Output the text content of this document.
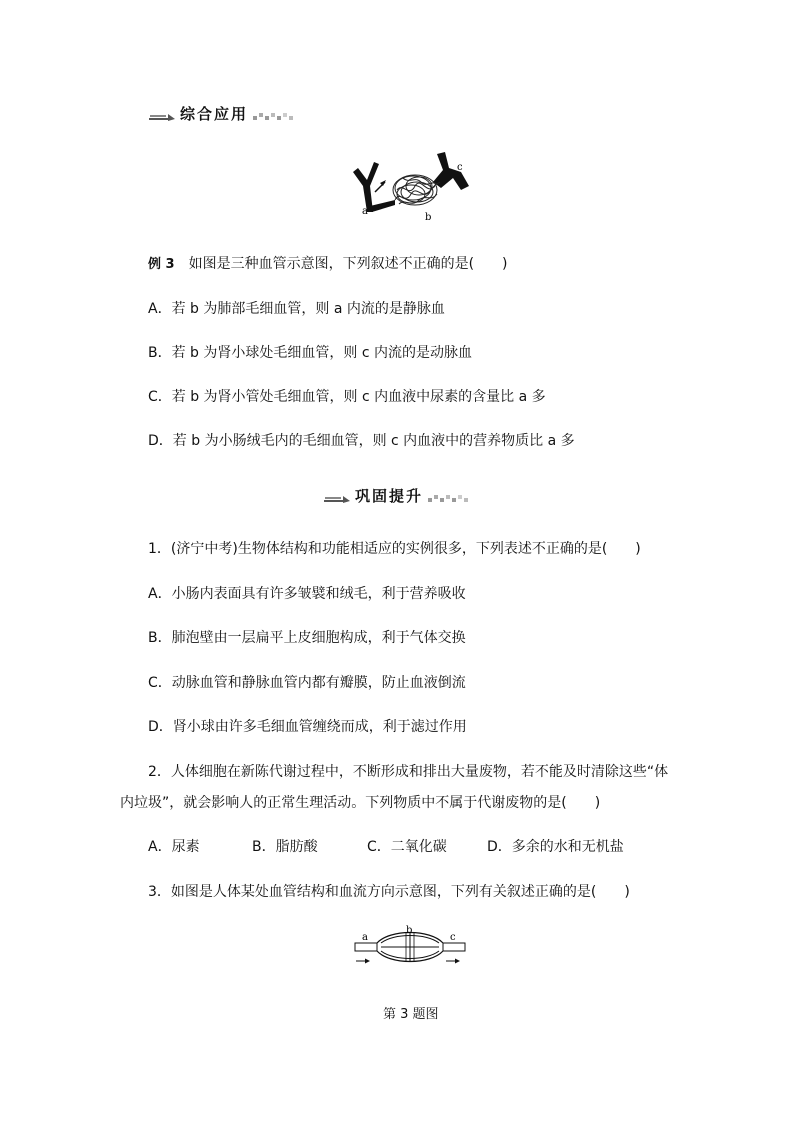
综合应用
a
b
c
例 3　 如图是三种血管示意图，下列叙述不正确的是(　　)
A．若 b 为肺部毛细血管，则 a 内流的是静脉血
B．若 b 为肾小球处毛细血管，则 c 内流的是动脉血
C．若 b 为肾小管处毛细血管，则 c 内血液中尿素的含量比 a 多
D．若 b 为小肠绒毛内的毛细血管，则 c 内血液中的营养物质比 a 多
巩固提升
1．(济宁中考)生物体结构和功能相适应的实例很多，下列表述不正确的是(　　)
A．小肠内表面具有许多皱襞和绒毛，利于营养吸收
B．肺泡壁由一层扁平上皮细胞构成，利于气体交换
C．动脉血管和静脉血管内都有瓣膜，防止血液倒流
D．肾小球由许多毛细血管缠绕而成，利于滤过作用
2．人体细胞在新陈代谢过程中，不断形成和排出大量废物，若不能及时清除这些“体
内垃圾”，就会影响人的正常生理活动。下列物质中不属于代谢废物的是(　　)
A．尿素	B．脂肪酸	C．二氧化碳	D．多余的水和无机盐
3．如图是人体某处血管结构和血流方向示意图，下列有关叙述正确的是(　　)
a
b
c
第 3 题图
